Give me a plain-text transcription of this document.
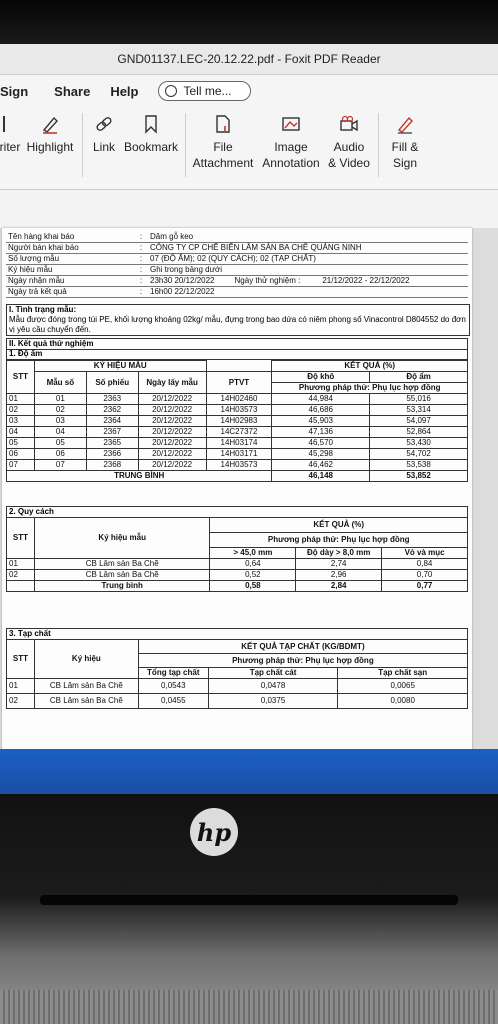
GND01137.LEC-20.12.22.pdf - Foxit PDF Reader
Sign	Share	Help	Tell me...
riter Highlight Link Bookmark	File
Attachment
Image
Annotation
Audio
& Video
Fill &
Sign
Tên hàng khai báo	:	Dăm gỗ keo
Người bán khai báo	:	CÔNG TY CP CHẾ BIẾN LÂM SẢN BA CHẼ QUẢNG NINH
Số lượng mẫu	:	07 (ĐỘ ẨM); 02 (QUY CÁCH); 02 (TẠP CHẤT)
Ký hiệu mẫu	:	Ghi trong bảng dưới
Ngày nhận mẫu	:	23h30 20/12/2022 Ngày thử nghiệm : 21/12/2022 - 22/12/2022
Ngày trả kết quả	:	16h00 22/12/2022
I. Tình trạng mẫu:
Mẫu được đóng trong túi PE, khối lượng khoảng 02kg/ mẫu, đựng trong bao dứa có niêm phong số Vinacontrol D804552 do đơn vị yêu cầu chuyển đến.
II. Kết quả thử nghiệm
1. Độ ẩm
STT	KÝ HIỆU MẪU				KẾT QUẢ (%)	
	Mẫu số	Số phiếu	Ngày lấy mẫu	PTVT	Độ khô	Độ ẩm
					Phương pháp thử: Phụ lục hợp đồng	
01	01	2363	20/12/2022	14H02460	44,984	55,016
02	02	2362	20/12/2022	14H03573	46,686	53,314
03	03	2364	20/12/2022	14H02983	45,903	54,097
04	04	2367	20/12/2022	14C27372	47,136	52,864
05	05	2365	20/12/2022	14H03174	46,570	53,430
06	06	2366	20/12/2022	14H03171	45,298	54,702
07	07	2368	20/12/2022	14H03573	46,462	53,538
TRUNG BÌNH					46,148	53,852
2. Quy cách
STT	Ký hiệu mẫu	KẾT QUẢ (%)		
		Phương pháp thử: Phụ lục hợp đồng		
		> 45,0 mm	Độ dày > 8,0 mm	Vỏ và mục
01	CB Lâm sản Ba Chẽ	0,64	2,74	0,84
02	CB Lâm sản Ba Chẽ	0,52	2,96	0,70
	Trung bình	0,58	2,84	0,77
3. Tạp chất
STT	Ký hiệu	KẾT QUẢ TẠP CHẤT (KG/BDMT)		
		Phương pháp thử: Phụ lục hợp đồng		
		Tổng tạp chất	Tạp chất cát	Tạp chất sạn
01	CB Lâm sản Ba Chẽ	0,0543	0,0478	0,0065
02	CB Lâm sản Ba Chẽ	0,0455	0,0375	0,0080
hp
